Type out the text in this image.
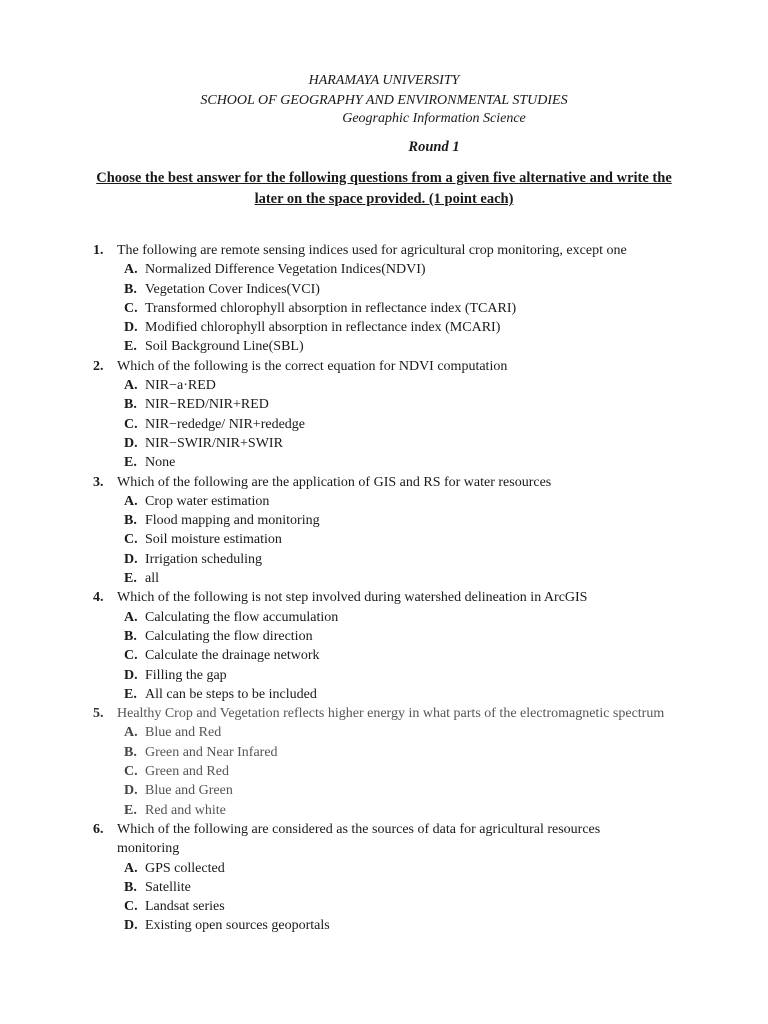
HARAMAYA UNIVERSITY
SCHOOL OF GEOGRAPHY AND ENVIRONMENTAL STUDIES
Geographic Information Science
Round 1
Choose the best answer for the following questions from a given five alternative and write the later on the space provided. (1 point each)
1. The following are remote sensing indices used for agricultural crop monitoring, except one
A. Normalized Difference Vegetation Indices(NDVI)
B. Vegetation Cover Indices(VCI)
C. Transformed chlorophyll absorption in reflectance index (TCARI)
D. Modified chlorophyll absorption in reflectance index (MCARI)
E. Soil Background Line(SBL)
2. Which of the following is the correct equation for NDVI computation
A. NIR−a·RED
B. NIR−RED/NIR+RED
C. NIR−rededge/ NIR+rededge
D. NIR−SWIR/NIR+SWIR
E. None
3. Which of the following are the application of GIS and RS for water resources
A. Crop water estimation
B. Flood mapping and monitoring
C. Soil moisture estimation
D. Irrigation scheduling
E. all
4. Which of the following is not step involved during watershed delineation in ArcGIS
A. Calculating the flow accumulation
B. Calculating the flow direction
C. Calculate the drainage network
D. Filling the gap
E. All can be steps to be included
5. Healthy Crop and Vegetation reflects higher energy in what parts of the electromagnetic spectrum
A. Blue and Red
B. Green and Near Infared
C. Green and Red
D. Blue and Green
E. Red and white
6. Which of the following are considered as the sources of data for agricultural resources monitoring
A. GPS collected
B. Satellite
C. Landsat series
D. Existing open sources geoportals
